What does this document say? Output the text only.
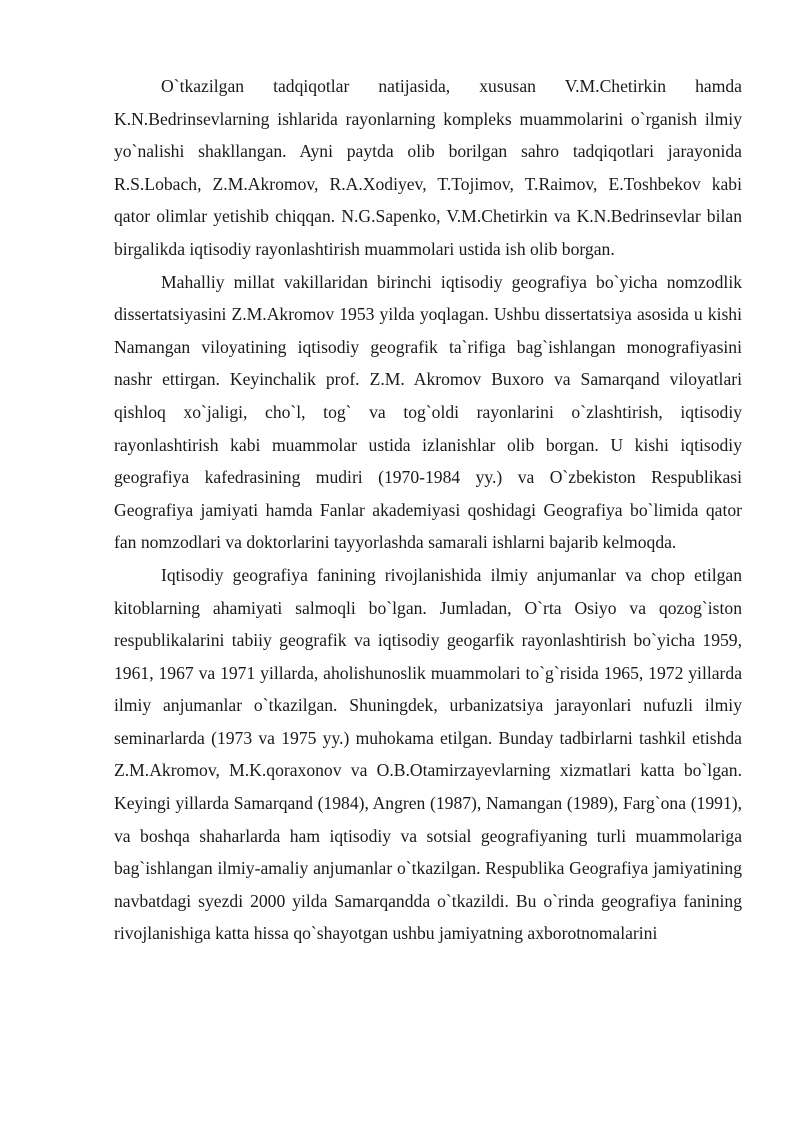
O`tkazilgan tadqiqotlar natijasida, xususan V.M.Chetirkin hamda K.N.Bedrinsevlarning ishlarida rayonlarning kompleks muammolarini o`rganish ilmiy yo`nalishi shakllangan. Ayni paytda olib borilgan sahro tadqiqotlari jarayonida R.S.Lobach, Z.M.Akromov, R.A.Xodiyev, T.Tojimov, T.Raimov, E.Toshbekov kabi qator olimlar yetishib chiqqan. N.G.Sapenko, V.M.Chetirkin va K.N.Bedrinsevlar bilan birgalikda iqtisodiy rayonlashtirish muammolari ustida ish olib borgan.

Mahalliy millat vakillaridan birinchi iqtisodiy geografiya bo`yicha nomzodlik dissertatsiyasini Z.M.Akromov 1953 yilda yoqlagan. Ushbu dissertatsiya asosida u kishi Namangan viloyatining iqtisodiy geografik ta`rifiga bag`ishlangan monografiyasini nashr ettirgan. Keyinchalik prof. Z.M. Akromov Buxoro va Samarqand viloyatlari qishloq xo`jaligi, cho`l, tog` va tog`oldi rayonlarini o`zlashtirish, iqtisodiy rayonlashtirish kabi muammolar ustida izlanishlar olib borgan. U kishi iqtisodiy geografiya kafedrasining mudiri (1970-1984 yy.) va O`zbekiston Respublikasi Geografiya jamiyati hamda Fanlar akademiyasi qoshidagi Geografiya bo`limida qator fan nomzodlari va doktorlarini tayyorlashda samarali ishlarni bajarib kelmoqda.

Iqtisodiy geografiya fanining rivojlanishida ilmiy anjumanlar va chop etilgan kitoblarning ahamiyati salmoqli bo`lgan. Jumladan, O`rta Osiyo va qozog`iston respublikalarini tabiiy geografik va iqtisodiy geogarfik rayonlashtirish bo`yicha 1959, 1961, 1967 va 1971 yillarda, aholishunoslik muammolari to`g`risida 1965, 1972 yillarda ilmiy anjumanlar o`tkazilgan. Shuningdek, urbanizatsiya jarayonlari nufuzli ilmiy seminarlarda (1973 va 1975 yy.) muhokama etilgan. Bunday tadbirlarni tashkil etishda Z.M.Akromov, M.K.qoraxonov va O.B.Otamirzayevlarning xizmatlari katta bo`lgan. Keyingi yillarda Samarqand (1984), Angren (1987), Namangan (1989), Farg`ona (1991), va boshqa shaharlarda ham iqtisodiy va sotsial geografiyaning turli muammolariga bag`ishlangan ilmiy-amaliy anjumanlar o`tkazilgan. Respublika Geografiya jamiyatining navbatdagi syezdi 2000 yilda Samarqandda o`tkazildi. Bu o`rinda geografiya fanining rivojlanishiga katta hissa qo`shayotgan ushbu jamiyatning axborotnomalarini
